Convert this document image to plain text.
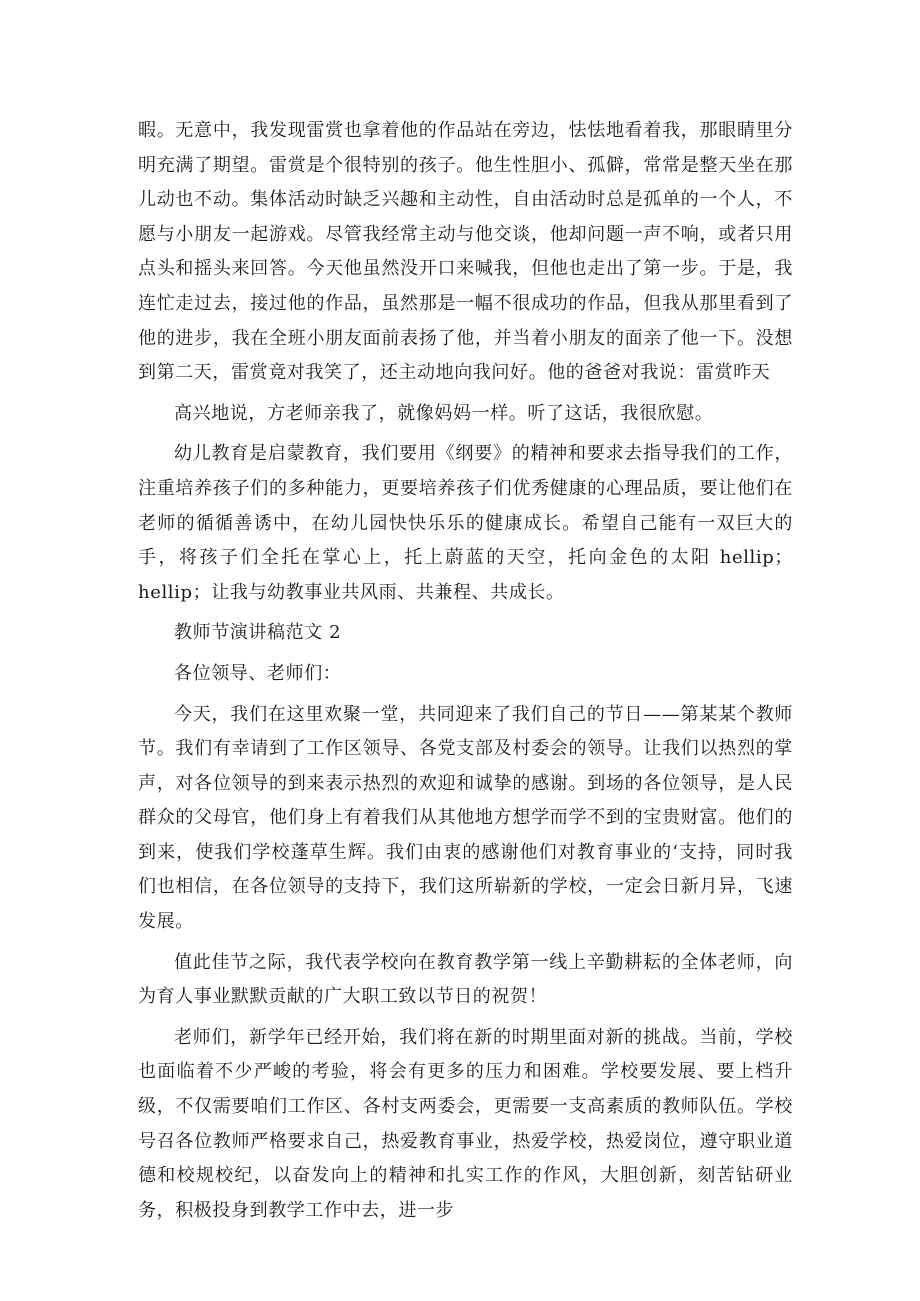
暇。无意中，我发现雷赏也拿着他的作品站在旁边，怯怯地看着我，那眼睛里分明充满了期望。雷赏是个很特别的孩子。他生性胆小、孤僻，常常是整天坐在那儿动也不动。集体活动时缺乏兴趣和主动性，自由活动时总是孤单的一个人，不愿与小朋友一起游戏。尽管我经常主动与他交谈，他却问题一声不响，或者只用点头和摇头来回答。今天他虽然没开口来喊我，但他也走出了第一步。于是，我连忙走过去，接过他的作品，虽然那是一幅不很成功的作品，但我从那里看到了他的进步，我在全班小朋友面前表扬了他，并当着小朋友的面亲了他一下。没想到第二天，雷赏竟对我笑了，还主动地向我问好。他的爸爸对我说：雷赏昨天

高兴地说，方老师亲我了，就像妈妈一样。听了这话，我很欣慰。

幼儿教育是启蒙教育，我们要用《纲要》的精神和要求去指导我们的工作，注重培养孩子们的多种能力，更要培养孩子们优秀健康的心理品质，要让他们在老师的循循善诱中，在幼儿园快快乐乐的健康成长。希望自己能有一双巨大的手，将孩子们全托在掌心上，托上蔚蓝的天空，托向金色的太阳 hellip；hellip；让我与幼教事业共风雨、共兼程、共成长。

教师节演讲稿范文 2

各位领导、老师们：

今天，我们在这里欢聚一堂，共同迎来了我们自己的节日——第某某个教师节。我们有幸请到了工作区领导、各党支部及村委会的领导。让我们以热烈的掌声，对各位领导的到来表示热烈的欢迎和诚挚的感谢。到场的各位领导，是人民群众的父母官，他们身上有着我们从其他地方想学而学不到的宝贵财富。他们的到来，使我们学校蓬草生辉。我们由衷的感谢他们对教育事业的‘支持，同时我们也相信，在各位领导的支持下，我们这所崭新的学校，一定会日新月异，飞速发展。

值此佳节之际，我代表学校向在教育教学第一线上辛勤耕耘的全体老师，向为育人事业默默贡献的广大职工致以节日的祝贺！

老师们，新学年已经开始，我们将在新的时期里面对新的挑战。当前，学校也面临着不少严峻的考验，将会有更多的压力和困难。学校要发展、要上档升级，不仅需要咱们工作区、各村支两委会，更需要一支高素质的教师队伍。学校号召各位教师严格要求自己，热爱教育事业，热爱学校，热爱岗位，遵守职业道德和校规校纪，以奋发向上的精神和扎实工作的作风，大胆创新，刻苦钻研业务，积极投身到教学工作中去，进一步
